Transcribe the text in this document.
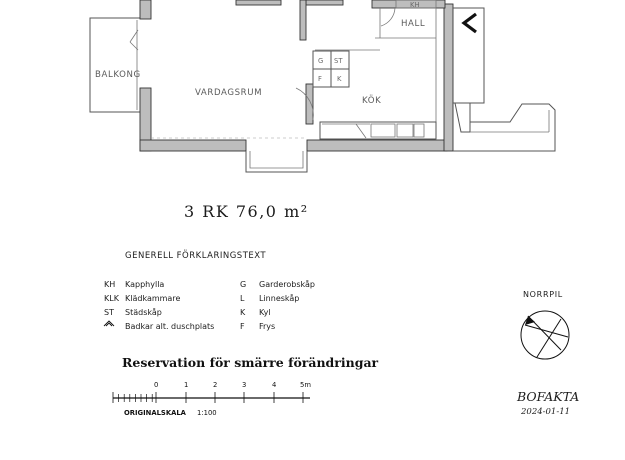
G ST
F K
KH
BALKONG
VARDAGSRUM
KÖK
HALL
3 RK 76,0 m²
GENERELL FÖRKLARINGSTEXT
KH Kapphylla
KLK Klädkammare
ST Städskåp
Badkar alt. duschplats
G Garderobskåp
L Linneskåp
K Kyl
F Frys
Reservation för smärre förändringar
0	1	2	3	4	5m
ORIGINALSKALA 1:100
NORRPIL
BOFAKTA
2024-01-11
